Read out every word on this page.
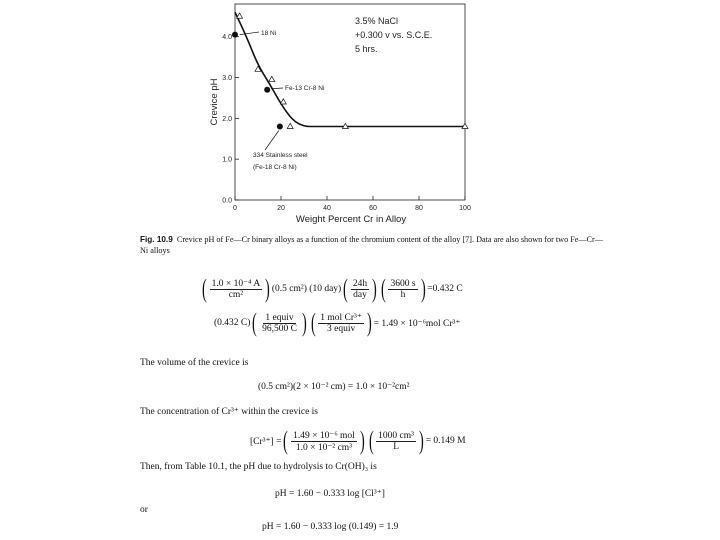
0	20	40	60	80	100
0.0
1.0
2.0
3.0
4.0
3.5% NaCl
+0.300 v vs. S.C.E.
5 hrs.
Weight Percent Cr in Alloy
Crevice pH
18 Ni
Fe-13 Cr-8 Ni
334 Stainless steel
(Fe-18 Cr-8 Ni)
Fig. 10.9 Crevice pH of Fe—Cr binary alloys as a function of the chromium content of the alloy [7]. Data are also shown for two Fe—Cr—Ni alloys
( $\frac{\text{1.0 × 10⁻⁴ A}}{\text{cm²}}$ ) (0.5 cm²) (10 day) ( $\frac{24h}{\text{day}}$ ) ( $\frac{3600 s}{h}$ ) =0.432 C
(0.432 C) ( $\frac{\text{1 equiv}}{96,500 C}$ ) ( $\frac{\text{1 mol Cr³⁺}}{\text{3 equiv}}$ ) = 1.49 × 10⁻⁶mol Cr³⁺
The volume of the crevice is
(0.5 cm²)(2 × 10⁻² cm) = 1.0 × 10⁻²cm²
The concentration of Cr³⁺ within the crevice is
[Cr³⁺] = ( $\frac{\text{1.49 × 10⁻⁶ mol}}{\text{1.0 × 10⁻² cm³}}$ ) ( $\frac{\text{1000 cm³}}{L}$ ) = 0.149 M
Then, from Table 10.1, the pH due to hydrolysis to Cr(OH)₃ is
pH = 1.60 − 0.333 log [Cl³⁺]
or
pH = 1.60 − 0.333 log (0.149) = 1.9
